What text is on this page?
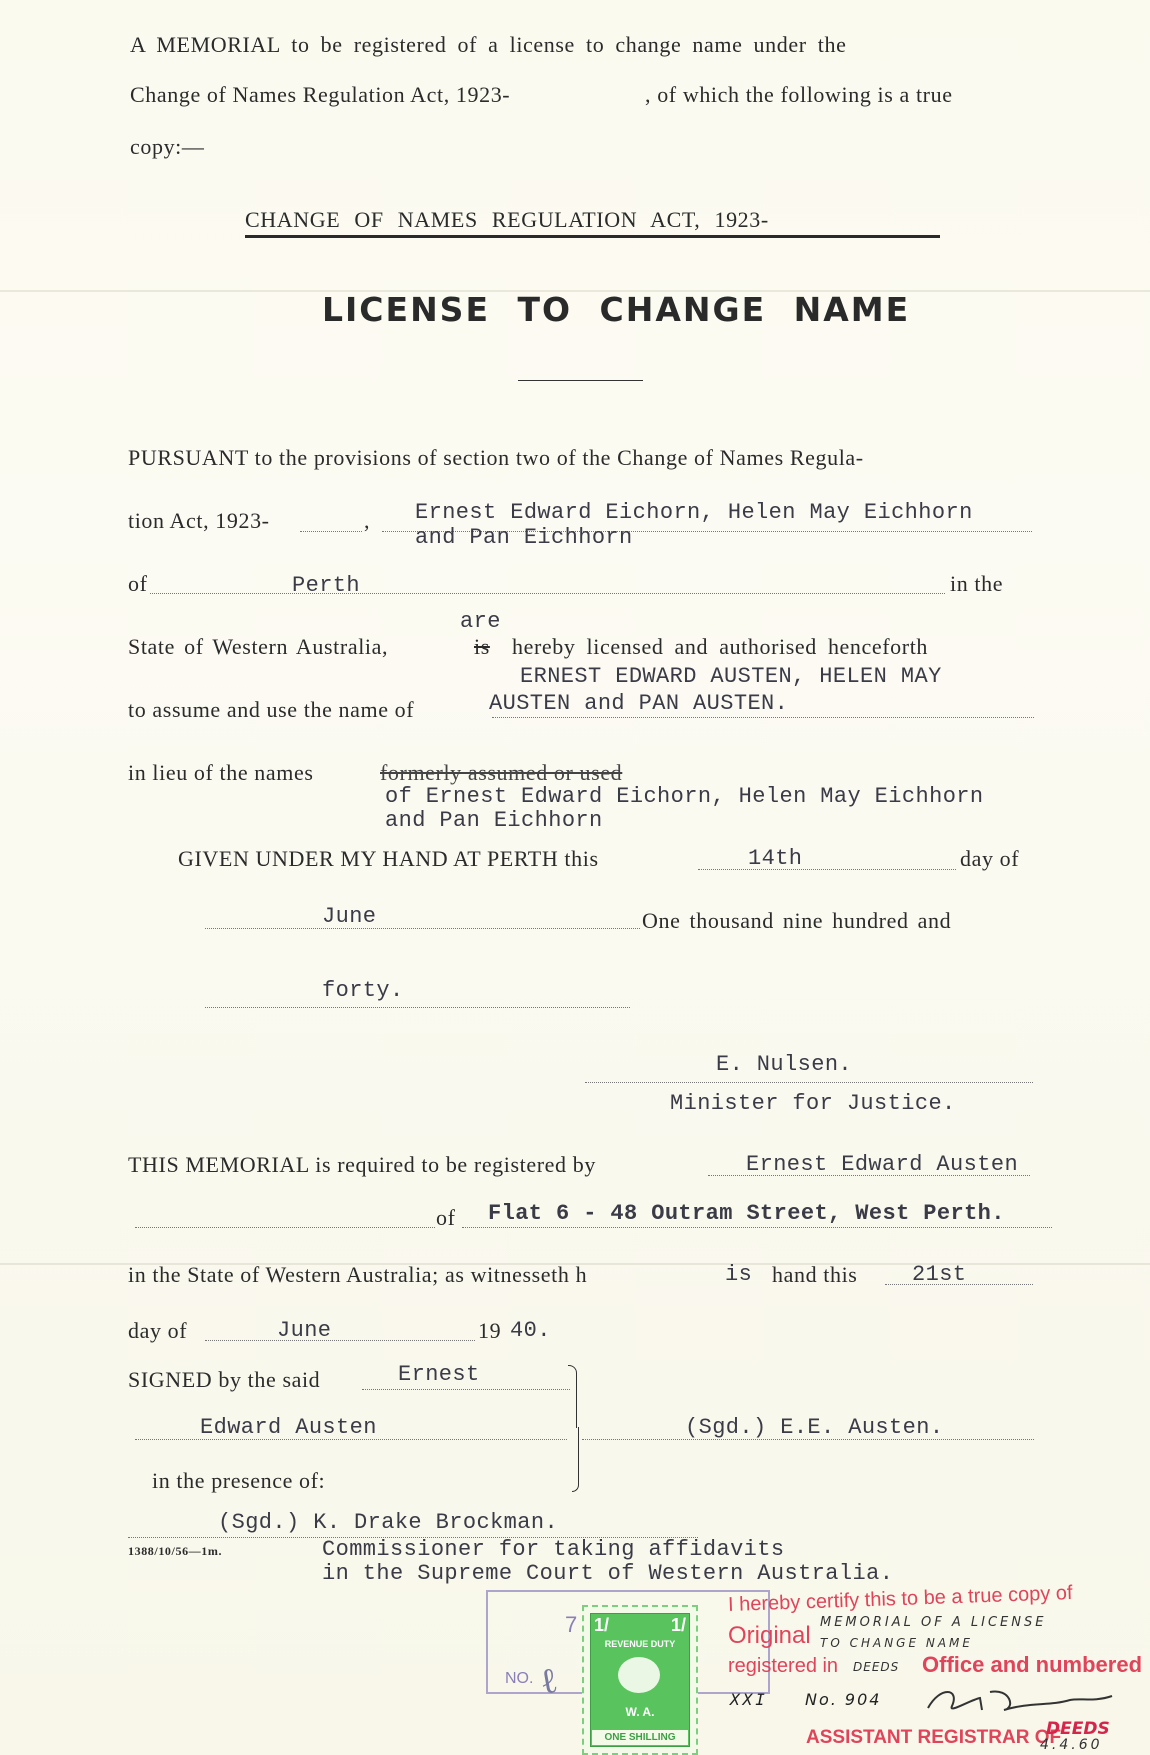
A MEMORIAL to be registered of a license to change name under the
Change of Names Regulation Act, 1923-	, of which the following is a true
copy:—
CHANGE OF NAMES REGULATION ACT, 1923-
LICENSE TO CHANGE NAME
PURSUANT to the provisions of section two of the Change of Names Regula-
tion Act, 1923-	, Ernest Edward Eichorn, Helen May Eichhorn
and Pan Eichhorn
of	Perth	in the
are
State of Western Australia,	is hereby licensed and authorised henceforth
ERNEST EDWARD AUSTEN, HELEN MAY
to assume and use the name of	AUSTEN and PAN AUSTEN.
in lieu of the names	formerly assumed or used
of Ernest Edward Eichorn, Helen May Eichhorn
and Pan Eichhorn
GIVEN UNDER MY HAND AT PERTH this	14th	day of
June	One thousand nine hundred and
forty.
E. Nulsen.
Minister for Justice.
THIS MEMORIAL is required to be registered by	Ernest Edward Austen
of Flat 6 - 48 Outram Street, West Perth.
in the State of Western Australia; as witnesseth h	is hand this 21st
day of	June	19 40.
SIGNED by the said	Ernest
Edward Austen	(Sgd.) E.E. Austen.
in the presence of:
(Sgd.) K. Drake Brockman.
1388/10/56—1m.	Commissioner for taking affidavits
in the Supreme Court of Western Australia.
NO. ℓ
7 1/	1/
REVENUE DUTY
W. A.
ONE SHILLING
I hereby certify this to be a true copy of
Original MEMORIAL OF A LICENSE
TO CHANGE NAME
registered in DEEDS Office and numbered
XXI No. 904
ASSISTANT REGISTRAR OF
DEEDS
4.4.60
